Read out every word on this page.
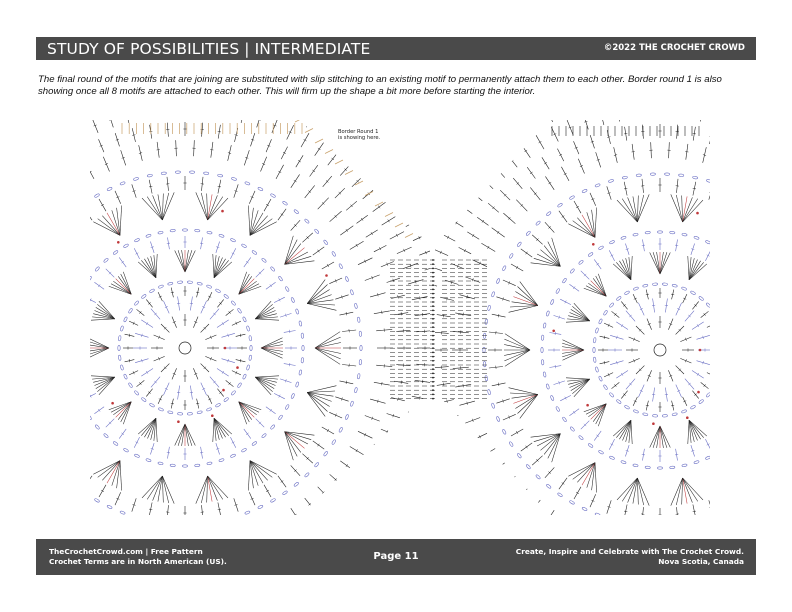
STUDY OF POSSIBILITIES | INTERMEDIATE	©2022 THE CROCHET CROWD
The final round of the motifs that are joining are substituted with slip stitching to an existing motif to permanently attach them to each other. Border round 1 is also showing once all 8 motifs are attached to each other. This will firm up the shape a bit more before starting the interior.
Border Round 1
is showing here.
TheCrochetCrowd.com | Free Pattern
Crochet Terms are in North American (US).	Page 11	Create, Inspire and Celebrate with The Crochet Crowd.
Nova Scotia, Canada
